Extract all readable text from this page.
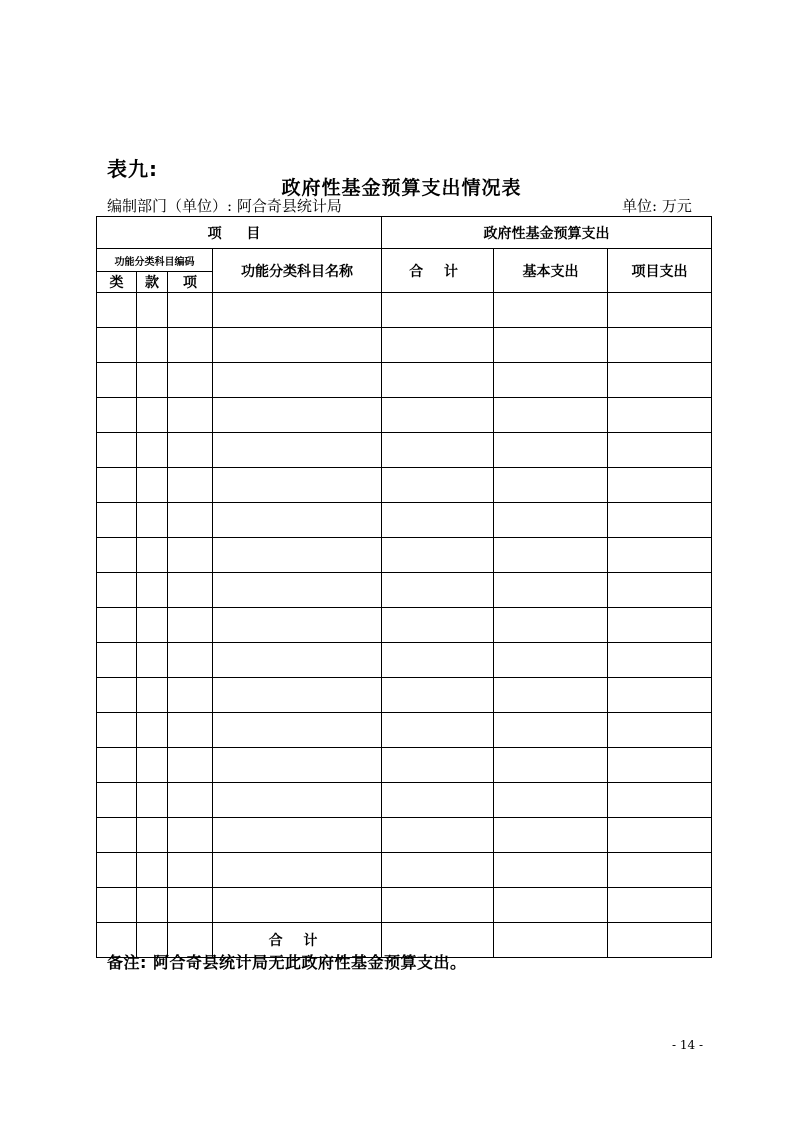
表九:
政府性基金预算支出情况表
编制部门（单位）: 阿合奇县统计局	单位: 万元
项 目				政府性基金预算支出		
功能分类科目编码			功能分类科目名称	合 计	基本支出	项目支出
类	款	项				

			合 计			
备注: 阿合奇县统计局无此政府性基金预算支出。
- 14 -
